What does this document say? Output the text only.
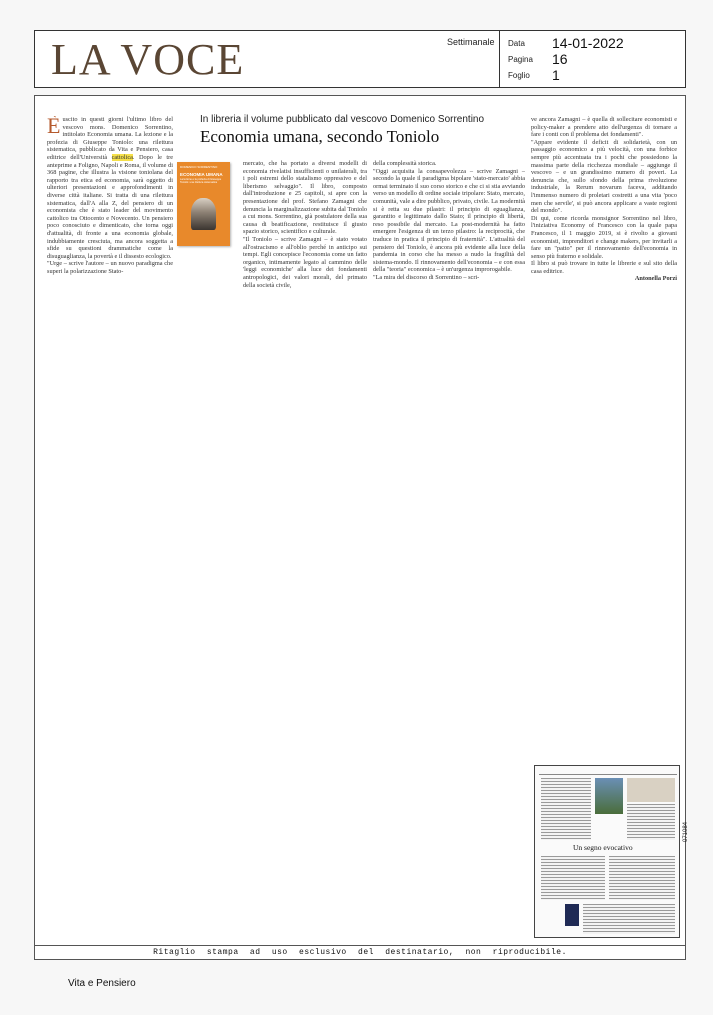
LA VOCE	Settimanale Data	14-01-2022
Pagina	16
Foglio	1
In libreria il volume pubblicato dal vescovo Domenico Sorrentino
Economia umana, secondo Toniolo

Èuscito in questi giorni l'ultimo libro del vescovo mons. Domenico Sorrentino, intitolato Economia umana. La lezione e la profezia di Giuseppe Toniolo: una rilettura sistematica, pubblicato da Vita e Pensiero, casa editrice dell'Università cattolica. Dopo le tre anteprime a Foligno, Napoli e Roma, il volume di 368 pagine, che illustra la visione toniolana del rapporto tra etica ed economia, sarà oggetto di ulteriori presentazioni e approfondimenti in diverse città italiane. Si tratta di una rilettura sistematica, dall'A alla Z, del pensiero di un economista che è stato leader del movimento cattolico tra Ottocento e Novecento. Un pensiero poco conosciuto e dimenticato, che torna oggi d'attualità, di fronte a una economia globale, indubbiamente cresciuta, ma ancora soggetta a sfide su questioni drammatiche come la disuguaglianza, la povertà e il dissesto ecologico.

"Urge – scrive l'autore – un nuovo paradigma che superi la polarizzazione Stato-

DOMENICO SORRENTINO
ECONOMIA UMANA
La lezione e la profezia di Giuseppe Toniolo: una rilettura sistematica

mercato, che ha portato a diversi modelli di economia rivelatisi insufficienti o unilaterali, tra i poli estremi dello statalismo oppressivo e del liberismo selvaggio". Il libro, composto dall'introduzione e 25 capitoli, si apre con la presentazione del prof. Stefano Zamagni che denuncia la marginalizzazione subita dal Toniolo a cui mons. Sorrentino, già postulatore della sua causa di beatificazione, restituisce il giusto spazio storico, scientifico e culturale.

"Il Toniolo – scrive Zamagni – è stato votato all'ostracismo e all'oblio perché in anticipo sui tempi. Egli concepisce l'economia come un fatto organico, intimamente legato al cammino delle 'leggi economiche' alla luce dei fondamenti antropologici, dei valori morali, del primato della società civile,

della complessità storica.

"Oggi acquisita la consapevolezza – scrive Zamagni – secondo la quale il paradigma bipolare 'stato-mercato' abbia ormai terminato il suo corso storico e che ci si stia avviando verso un modello di ordine sociale tripolare: Stato, mercato, comunità, vale a dire pubblico, privato, civile. La modernità si è retta su due pilastri: il principio di eguaglianza, garantito e legittimato dallo Stato; il principio di libertà, reso possibile dal mercato. La post-modernità ha fatto emergere l'esigenza di un terzo pilastro: la reciprocità, che traduce in pratica il principio di fraternità". L'attualità del pensiero del Toniolo, è ancora più evidente alla luce della pandemia in corso che ha messo a nudo la fragilità del sistema-mondo. Il rinnovamento dell'economia – e con essa della "teoria" economica – è un'urgenza improrogabile.

"La mira del discorso di Sorrentino – scri-

ve ancora Zamagni – è quella di sollecitare economisti e policy-maker a prendere atto dell'urgenza di tornare a fare i conti con il problema dei fondamenti".

"Appare evidente il deficit di solidarietà, con un passaggio economico a più velocità, con una forbice sempre più accentuata tra i pochi che possiedono la massima parte della ricchezza mondiale – aggiunge il vescovo – e un grandissimo numero di poveri. La denuncia che, sullo sfondo della prima rivoluzione industriale, la Rerum novarum faceva, additando l'immenso numero di proletari costretti a una vita 'poco men che servile', si può ancora applicare a vaste regioni del mondo".

Di qui, come ricorda monsignor Sorrentino nel libro, l'iniziativa Economy of Francesco con la quale papa Francesco, il 1 maggio 2019, si è rivolto a giovani economisti, imprenditori e change makers, per invitarli a fare un "patto" per il rinnovamento dell'economia in senso più fraterno e solidale.

Il libro si può trovare in tutte le librerie e sul sito della casa editrice.

Antonella Porzi

Un segno evocativo
071084
Ritaglio stampa ad uso esclusivo del destinatario, non riproducibile.
Vita e Pensiero
